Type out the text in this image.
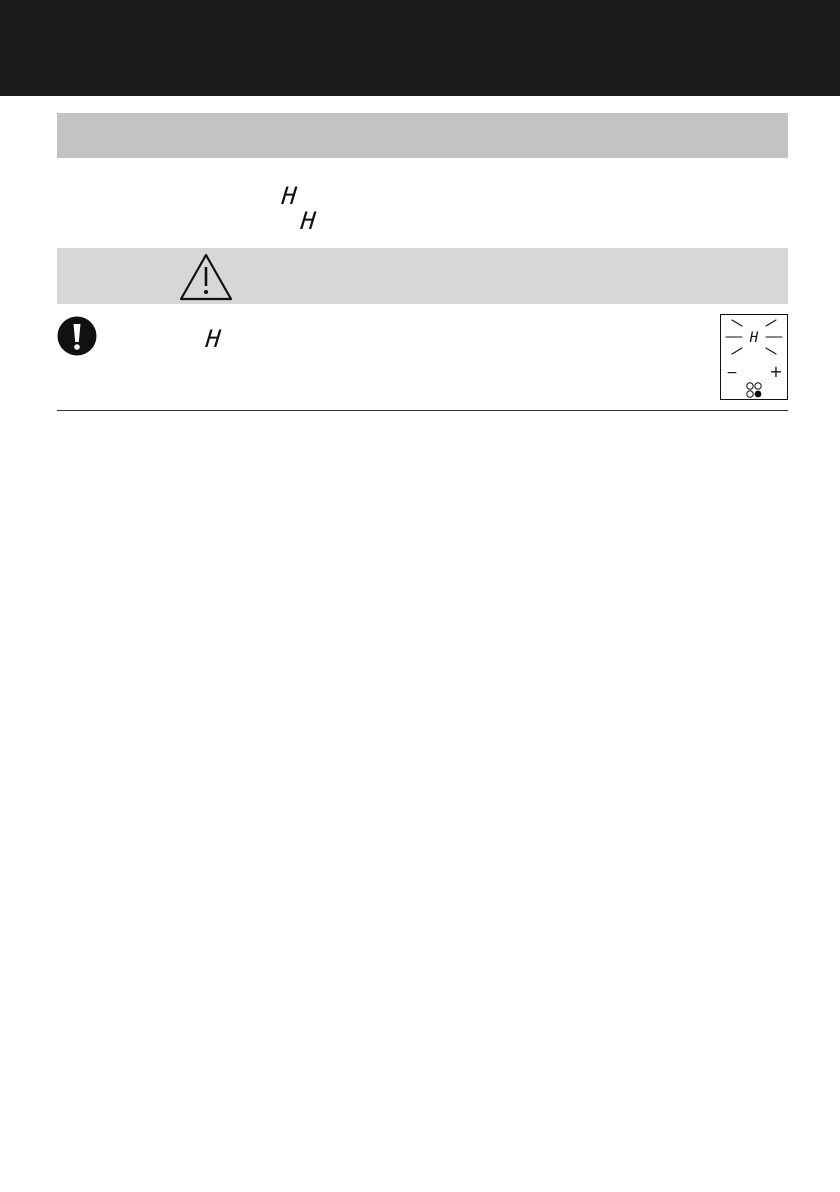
H
H
H	H
− +
